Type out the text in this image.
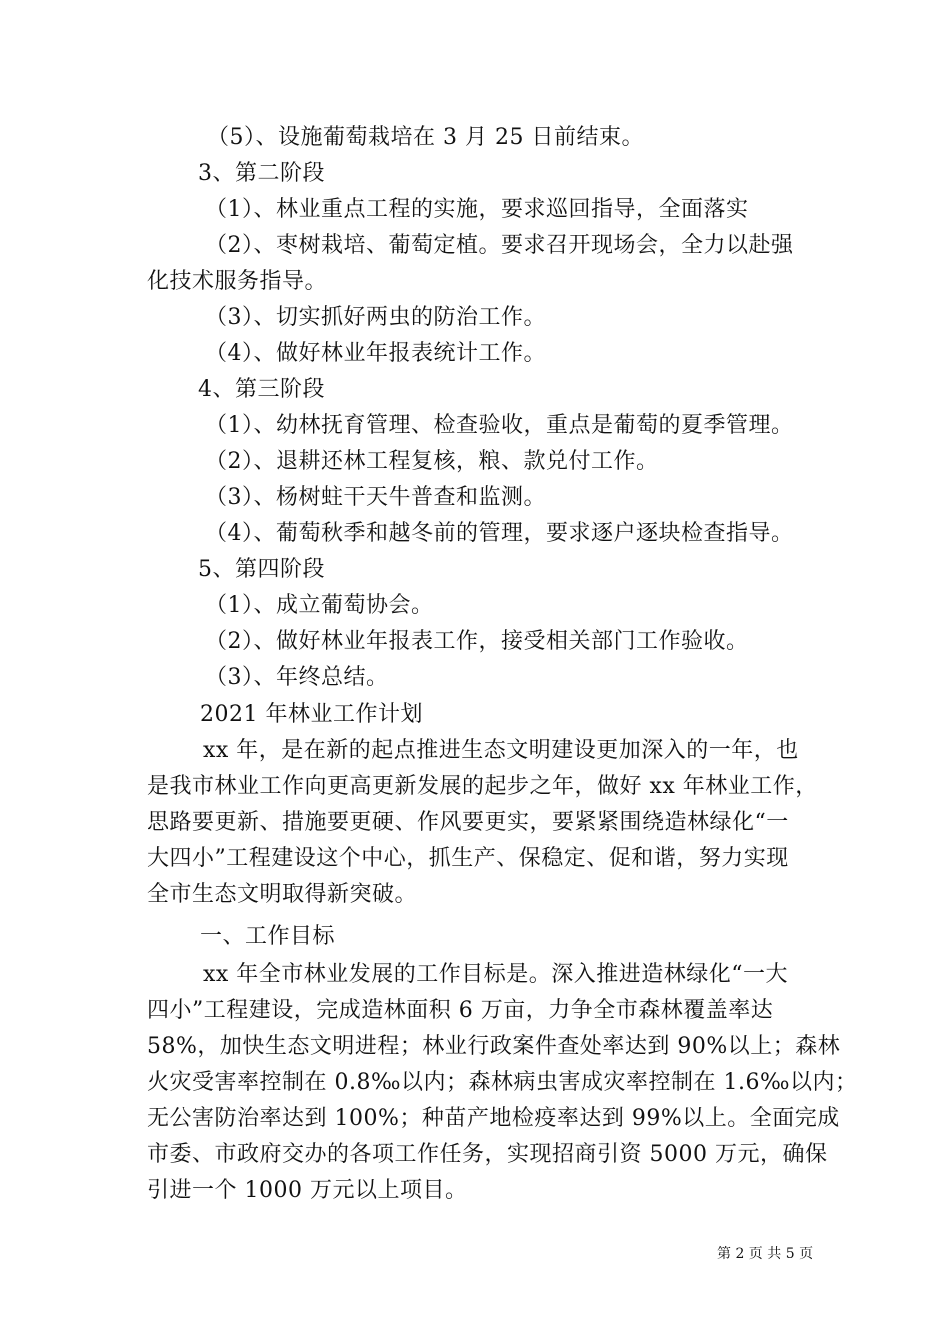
（5）、设施葡萄栽培在 3 月 25 日前结束。
3、第二阶段
（1）、林业重点工程的实施，要求巡回指导，全面落实
（2）、枣树栽培、葡萄定植。要求召开现场会，全力以赴强
化技术服务指导。
（3）、切实抓好两虫的防治工作。
（4）、做好林业年报表统计工作。
4、第三阶段
（1）、幼林抚育管理、检查验收，重点是葡萄的夏季管理。
（2）、退耕还林工程复核，粮、款兑付工作。
（3）、杨树蛀干天牛普查和监测。
（4）、葡萄秋季和越冬前的管理，要求逐户逐块检查指导。
5、第四阶段
（1）、成立葡萄协会。
（2）、做好林业年报表工作，接受相关部门工作验收。
（3）、年终总结。
2021 年林业工作计划
xx 年，是在新的起点推进生态文明建设更加深入的一年，也
是我市林业工作向更高更新发展的起步之年，做好 xx 年林业工作，
思路要更新、措施要更硬、作风要更实，要紧紧围绕造林绿化“一
大四小”工程建设这个中心，抓生产、保稳定、促和谐，努力实现
全市生态文明取得新突破。
一、工作目标
xx 年全市林业发展的工作目标是。深入推进造林绿化“一大
四小”工程建设，完成造林面积 6 万亩，力争全市森林覆盖率达
58%，加快生态文明进程；林业行政案件查处率达到 90%以上；森林
火灾受害率控制在 0.8‰以内；森林病虫害成灾率控制在 1.6‰以内；
无公害防治率达到 100%；种苗产地检疫率达到 99%以上。全面完成
市委、市政府交办的各项工作任务，实现招商引资 5000 万元，确保
引进一个 1000 万元以上项目。
第 2 页 共 5 页
